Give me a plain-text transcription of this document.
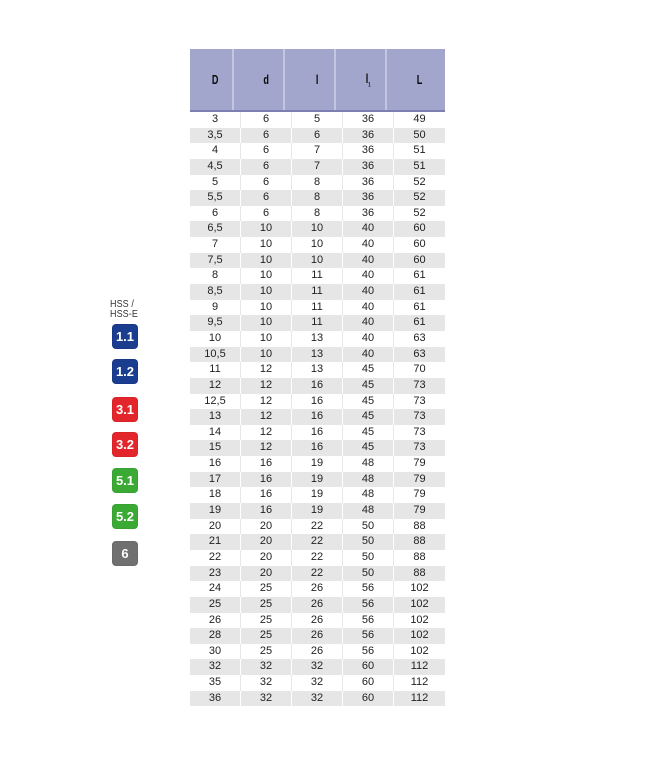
HSS /
HSS-E
1.1
1.2
3.1
3.2
5.1
5.2
6
D	d	l	$l_1$	L
3	6	5	36	49
3,5	6	6	36	50
4	6	7	36	51
4,5	6	7	36	51
5	6	8	36	52
5,5	6	8	36	52
6	6	8	36	52
6,5	10	10	40	60
7	10	10	40	60
7,5	10	10	40	60
8	10	11	40	61
8,5	10	11	40	61
9	10	11	40	61
9,5	10	11	40	61
10	10	13	40	63
10,5	10	13	40	63
11	12	13	45	70
12	12	16	45	73
12,5	12	16	45	73
13	12	16	45	73
14	12	16	45	73
15	12	16	45	73
16	16	19	48	79
17	16	19	48	79
18	16	19	48	79
19	16	19	48	79
20	20	22	50	88
21	20	22	50	88
22	20	22	50	88
23	20	22	50	88
24	25	26	56	102
25	25	26	56	102
26	25	26	56	102
28	25	26	56	102
30	25	26	56	102
32	32	32	60	112
35	32	32	60	112
36	32	32	60	112
